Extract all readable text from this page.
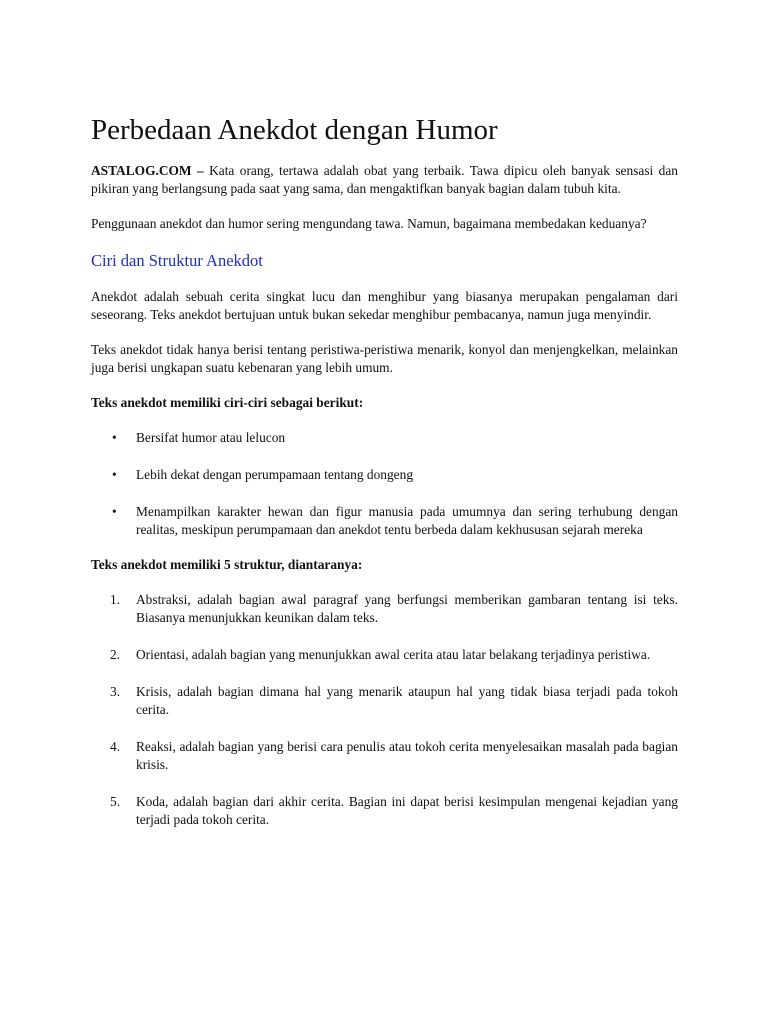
Perbedaan Anekdot dengan Humor

ASTALOG.COM – Kata orang, tertawa adalah obat yang terbaik. Tawa dipicu oleh banyak sensasi dan pikiran yang berlangsung pada saat yang sama, dan mengaktifkan banyak bagian dalam tubuh kita.

Penggunaan anekdot dan humor sering mengundang tawa. Namun, bagaimana membedakan keduanya?

Ciri dan Struktur Anekdot

Anekdot adalah sebuah cerita singkat lucu dan menghibur yang biasanya merupakan pengalaman dari seseorang. Teks anekdot bertujuan untuk bukan sekedar menghibur pembacanya, namun juga menyindir.

Teks anekdot tidak hanya berisi tentang peristiwa-peristiwa menarik, konyol dan menjengkelkan, melainkan juga berisi ungkapan suatu kebenaran yang lebih umum.

Teks anekdot memiliki ciri-ciri sebagai berikut:

• Bersifat humor atau lelucon
• Lebih dekat dengan perumpamaan tentang dongeng
• Menampilkan karakter hewan dan figur manusia pada umumnya dan sering terhubung dengan realitas, meskipun perumpamaan dan anekdot tentu berbeda dalam kekhususan sejarah mereka

Teks anekdot memiliki 5 struktur, diantaranya:

1. Abstraksi, adalah bagian awal paragraf yang berfungsi memberikan gambaran tentang isi teks. Biasanya menunjukkan keunikan dalam teks.
2. Orientasi, adalah bagian yang menunjukkan awal cerita atau latar belakang terjadinya peristiwa.
3. Krisis, adalah bagian dimana hal yang menarik ataupun hal yang tidak biasa terjadi pada tokoh cerita.
4. Reaksi, adalah bagian yang berisi cara penulis atau tokoh cerita menyelesaikan masalah pada bagian krisis.
5. Koda, adalah bagian dari akhir cerita. Bagian ini dapat berisi kesimpulan mengenai kejadian yang terjadi pada tokoh cerita.
